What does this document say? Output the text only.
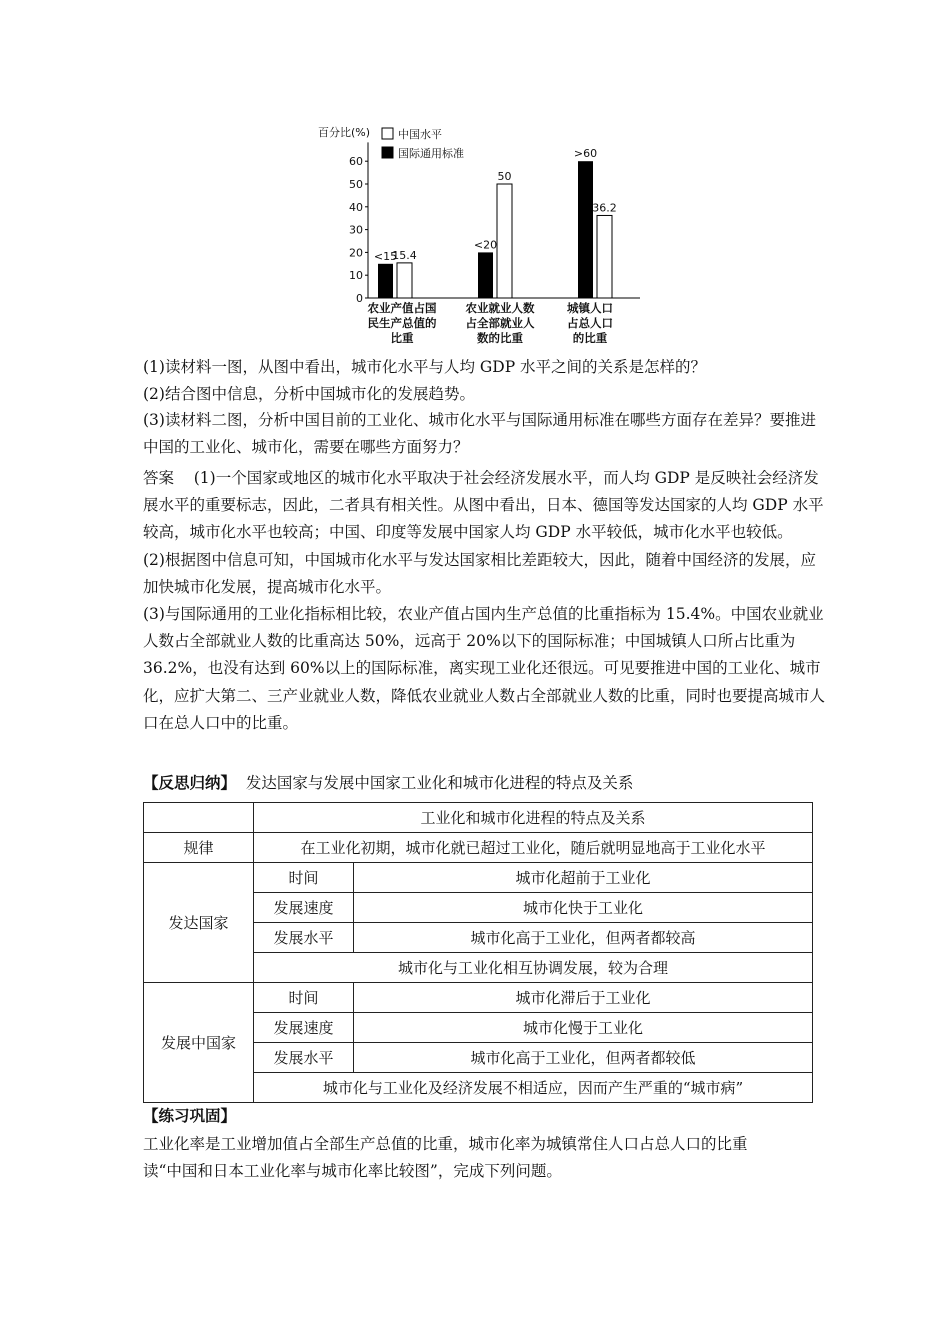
百分比(%)	中国水平
国际通用标准
0
10
20
30
40
50
60
<15
15.4
<20
50
>60
36.2
农业产值占国
民生产总值的
比重
农业就业人数
占全部就业人
数的比重
城镇人口
占总人口
的比重
(1)读材料一图，从图中看出，城市化水平与人均 GDP 水平之间的关系是怎样的？
(2)结合图中信息，分析中国城市化的发展趋势。
(3)读材料二图，分析中国目前的工业化、城市化水平与国际通用标准在哪些方面存在差异？要推进中国的工业化、城市化，需要在哪些方面努力？

答案 (1)一个国家或地区的城市化水平取决于社会经济发展水平，而人均 GDP 是反映社会经济发展水平的重要标志，因此，二者具有相关性。从图中看出，日本、德国等发达国家的人均 GDP 水平较高，城市化水平也较高；中国、印度等发展中国家人均 GDP 水平较低，城市化水平也较低。

(2)根据图中信息可知，中国城市化水平与发达国家相比差距较大，因此，随着中国经济的发展，应加快城市化发展，提高城市化水平。

(3)与国际通用的工业化指标相比较，农业产值占国内生产总值的比重指标为 15.4%。中国农业就业人数占全部就业人数的比重高达 50%，远高于 20%以下的国际标准；中国城镇人口所占比重为 36.2%，也没有达到 60%以上的国际标准，离实现工业化还很远。可见要推进中国的工业化、城市化，应扩大第二、三产业就业人数，降低农业就业人数占全部就业人数的比重，同时也要提高城市人口在总人口中的比重。

【反思归纳】 发达国家与发展中国家工业化和城市化进程的特点及关系
	工业化和城市化进程的特点及关系	
规律	在工业化初期，城市化就已超过工业化，随后就明显地高于工业化水平	
发达国家	时间	城市化超前于工业化
	发展速度	城市化快于工业化
	发展水平	城市化高于工业化，但两者都较高
	城市化与工业化相互协调发展，较为合理	
发展中国家	时间	城市化滞后于工业化
	发展速度	城市化慢于工业化
	发展水平	城市化高于工业化，但两者都较低
	城市化与工业化及经济发展不相适应，因而产生严重的“城市病”	
【练习巩固】
工业化率是工业增加值占全部生产总值的比重，城市化率为城镇常住人口占总人口的比重
读“中国和日本工业化率与城市化率比较图”，完成下列问题。
